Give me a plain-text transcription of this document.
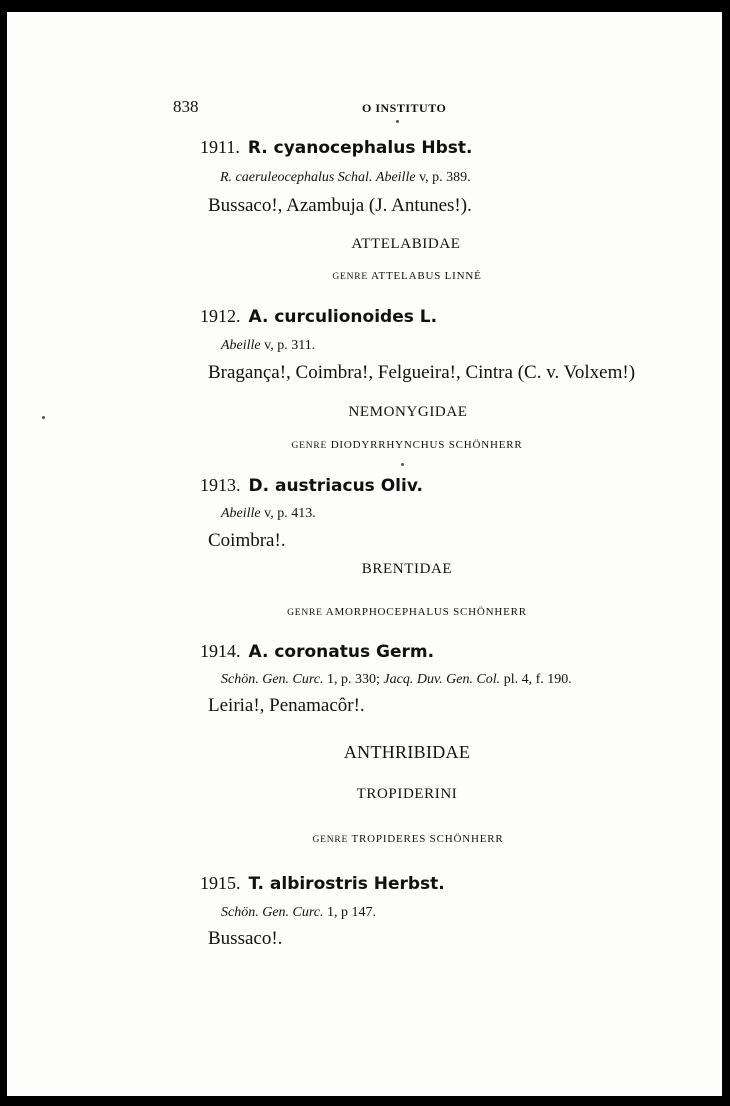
838	O INSTITUTO
1911. R. cyanocephalus Hbst.
R. caeruleocephalus Schal. Abeille v, p. 389.
Bussaco!, Azambuja (J. Antunes!).
ATTELABIDAE
GENRE ATTELABUS LINNÉ
1912. A. curculionoides L.
Abeille v, p. 311.
Bragança!, Coimbra!, Felgueira!, Cintra (C. v. Volxem!)
NEMONYGIDAE
GENRE DIODYRRHYNCHUS SCHÖNHERR
1913. D. austriacus Oliv.
Abeille v, p. 413.
Coimbra!.
BRENTIDAE
GENRE AMORPHOCEPHALUS SCHÖNHERR
1914. A. coronatus Germ.
Schön. Gen. Curc. 1, p. 330; Jacq. Duv. Gen. Col. pl. 4, f. 190.
Leiria!, Penamacôr!.
ANTHRIBIDAE
TROPIDERINI
GENRE TROPIDERES SCHÖNHERR
1915. T. albirostris Herbst.
Schön. Gen. Curc. 1, p 147.
Bussaco!.
